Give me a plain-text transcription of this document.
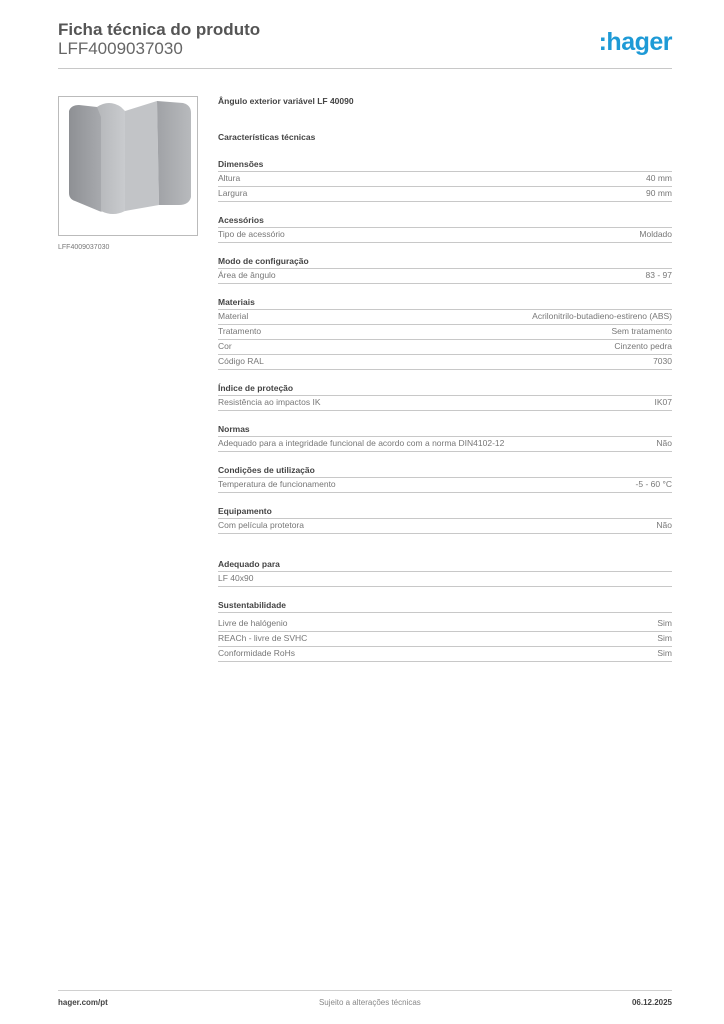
Ficha técnica do produto
LFF4009037030	:hager
LFF4009037030
Ângulo exterior variável LF 40090
Características técnicas
Dimensões
Altura	40 mm
Largura	90 mm
Acessórios
Tipo de acessório	Moldado
Modo de configuração
Área de ângulo	83 - 97
Materiais
Material	Acrilonitrilo-butadieno-estireno (ABS)
Tratamento	Sem tratamento
Cor	Cinzento pedra
Código RAL	7030
Índice de proteção
Resistência ao impactos IK	IK07
Normas
Adequado para a integridade funcional de acordo com a norma DIN4102-12	Não
Condições de utilização
Temperatura de funcionamento	-5 - 60 °C
Equipamento
Com película protetora	Não
Adequado para
LF 40x90
Sustentabilidade
Livre de halógenio	Sim
REACh - livre de SVHC	Sim
Conformidade RoHs	Sim
hager.com/pt	Sujeito a alterações técnicas	06.12.2025
